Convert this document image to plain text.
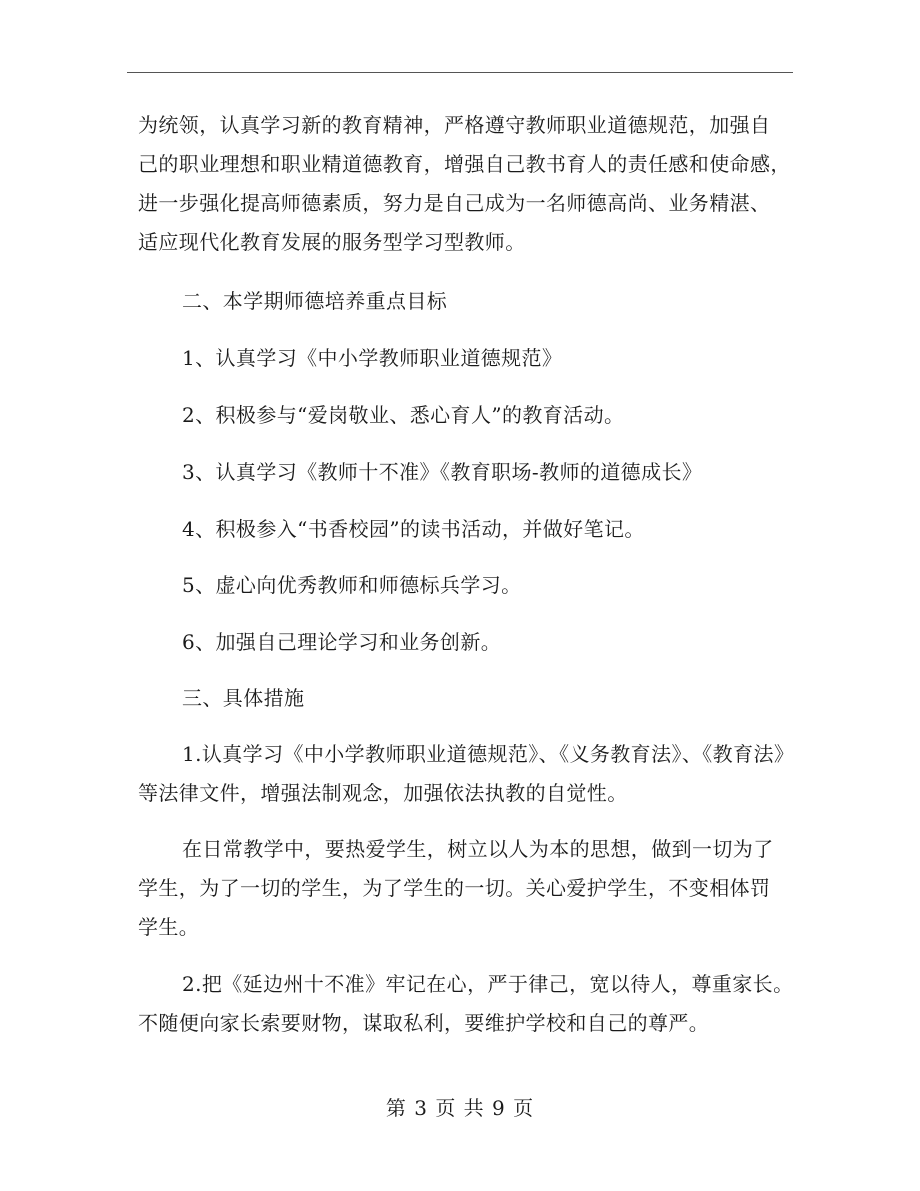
为统领，认真学习新的教育精神，严格遵守教师职业道德规范，加强自
己的职业理想和职业精道德教育，增强自己教书育人的责任感和使命感，
进一步强化提高师德素质，努力是自己成为一名师德高尚、业务精湛、
适应现代化教育发展的服务型学习型教师。
二、本学期师德培养重点目标
1、认真学习《中小学教师职业道德规范》
2、积极参与“爱岗敬业、悉心育人”的教育活动。
3、认真学习《教师十不准》《教育职场-教师的道德成长》
4、积极参入“书香校园”的读书活动，并做好笔记。
5、虚心向优秀教师和师德标兵学习。
6、加强自己理论学习和业务创新。
三、具体措施
1.认真学习《中小学教师职业道德规范》、《义务教育法》、《教育法》
等法律文件，增强法制观念，加强依法执教的自觉性。
在日常教学中，要热爱学生，树立以人为本的思想，做到一切为了
学生，为了一切的学生，为了学生的一切。关心爱护学生，不变相体罚
学生。
2.把《延边州十不准》牢记在心，严于律己，宽以待人，尊重家长。
不随便向家长索要财物，谋取私利，要维护学校和自己的尊严。
第 3 页 共 9 页
